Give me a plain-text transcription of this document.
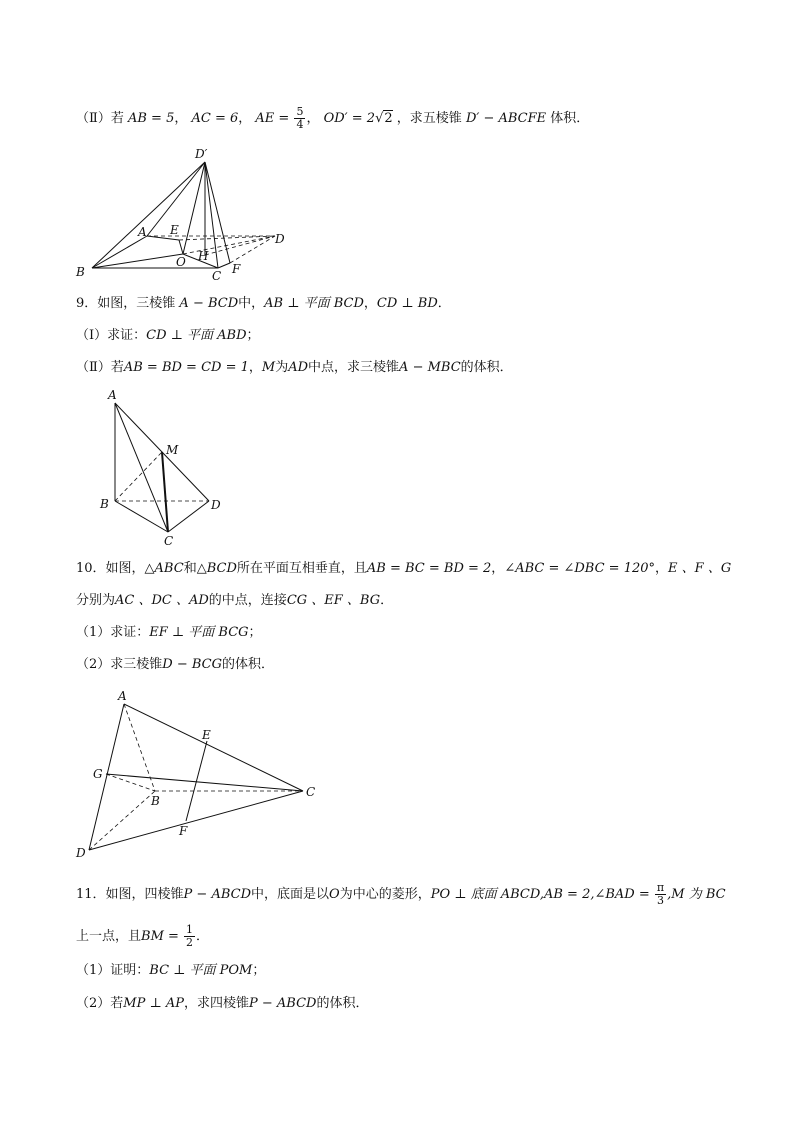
（Ⅱ）若 AB = 5， AC = 6， AE = $\frac{5}{4}$ ， OD′ = 2√2 ，求五棱锥 D′ − ABCFE 体积．
D′
A E
D
B
O H
C F
9．如图，三棱锥 A − BCD中，AB ⊥ 平面 BCD，CD ⊥ BD．
（Ⅰ）求证：CD ⊥ 平面 ABD；
（Ⅱ）若AB = BD = CD = 1，M为AD中点，求三棱锥A − MBC的体积．
A
M
B	D
C
10．如图，△ABC和△BCD所在平面互相垂直，且AB = BC = BD = 2，∠ABC = ∠DBC = 120°，E 、F 、G
分别为AC 、DC 、AD的中点，连接CG 、EF 、BG．
（1）求证：EF ⊥ 平面 BCG；
（2）求三棱锥D − BCG的体积．
A
E
G
B
C
F
D
11．如图，四棱锥P − ABCD中，底面是以O为中心的菱形，PO ⊥ 底面 ABCD,AB = 2,∠BAD = $\frac{\pi}{3} ,M$ 为 BC
上一点，且BM = $\frac{1}{2}$ ．
（1）证明：BC ⊥ 平面 POM；
（2）若MP ⊥ AP，求四棱锥P − ABCD的体积．
